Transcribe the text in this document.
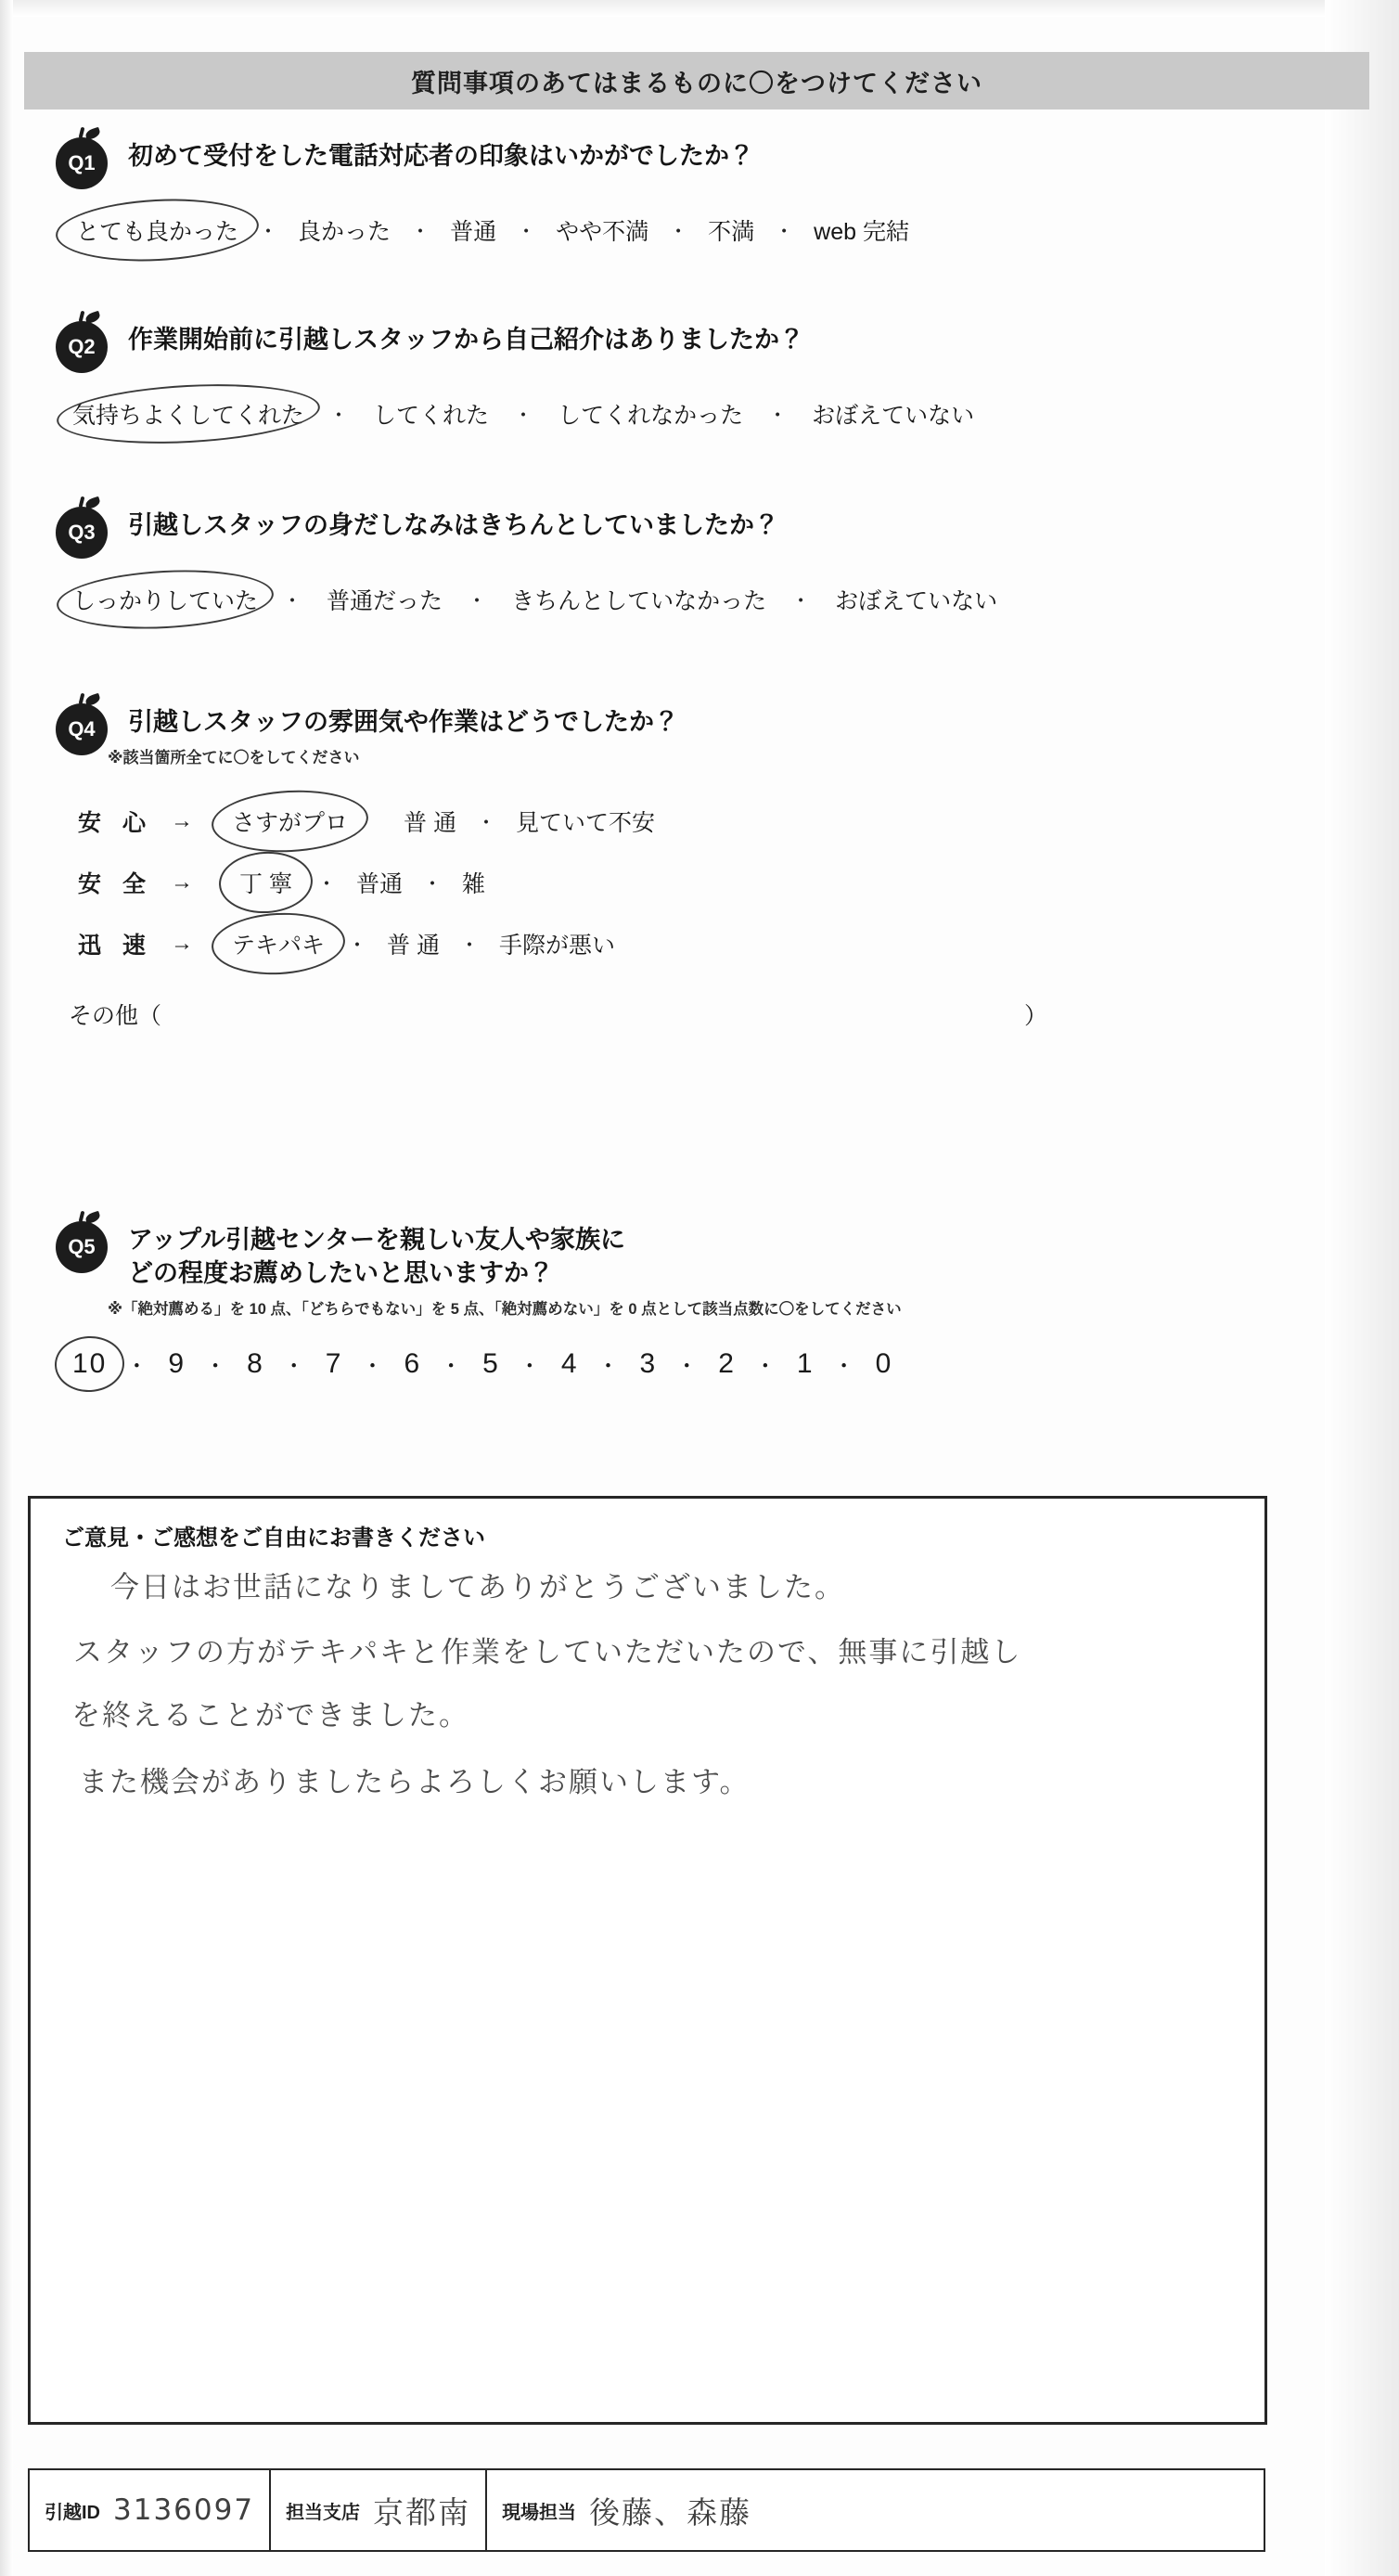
質問事項のあてはまるものに〇をつけてください
Q1 初めて受付をした電話対応者の印象はいかがでしたか？
とても良かった ・ 良かった ・ 普通 ・ やや不満 ・ 不満 ・ web 完結
Q2 作業開始前に引越しスタッフから自己紹介はありましたか？
気持ちよくしてくれた ・ してくれた ・ してくれなかった ・ おぼえていない
Q3 引越しスタッフの身だしなみはきちんとしていましたか？
しっかりしていた ・ 普通だった ・ きちんとしていなかった ・ おぼえていない
Q4 引越しスタッフの雰囲気や作業はどうでしたか？
※該当箇所全てに〇をしてください
安 心 → さすがプロ 普 通 ・ 見ていて不安
安 全 → 丁 寧 ・ 普通 ・ 雑
迅 速 → テキパキ ・ 普 通 ・ 手際が悪い
その他（	）
Q5 アップル引越センターを親しい友人や家族に
どの程度お薦めしたいと思いますか？
※「絶対薦める」を 10 点、「どちらでもない」を 5 点、「絶対薦めない」を 0 点として該当点数に〇をしてください
10 ・ 9 ・ 8 ・ 7 ・ 6 ・ 5 ・ 4 ・ 3 ・ 2 ・ 1 ・ 0
ご意見・ご感想をご自由にお書きください
今日はお世話になりましてありがとうございました。
スタッフの方がテキパキと作業をしていただいたので、無事に引越し
を終えることができました。
また機会がありましたらよろしくお願いします。
引越ID 3136097 担当支店 京都南 現場担当 後藤、森藤
